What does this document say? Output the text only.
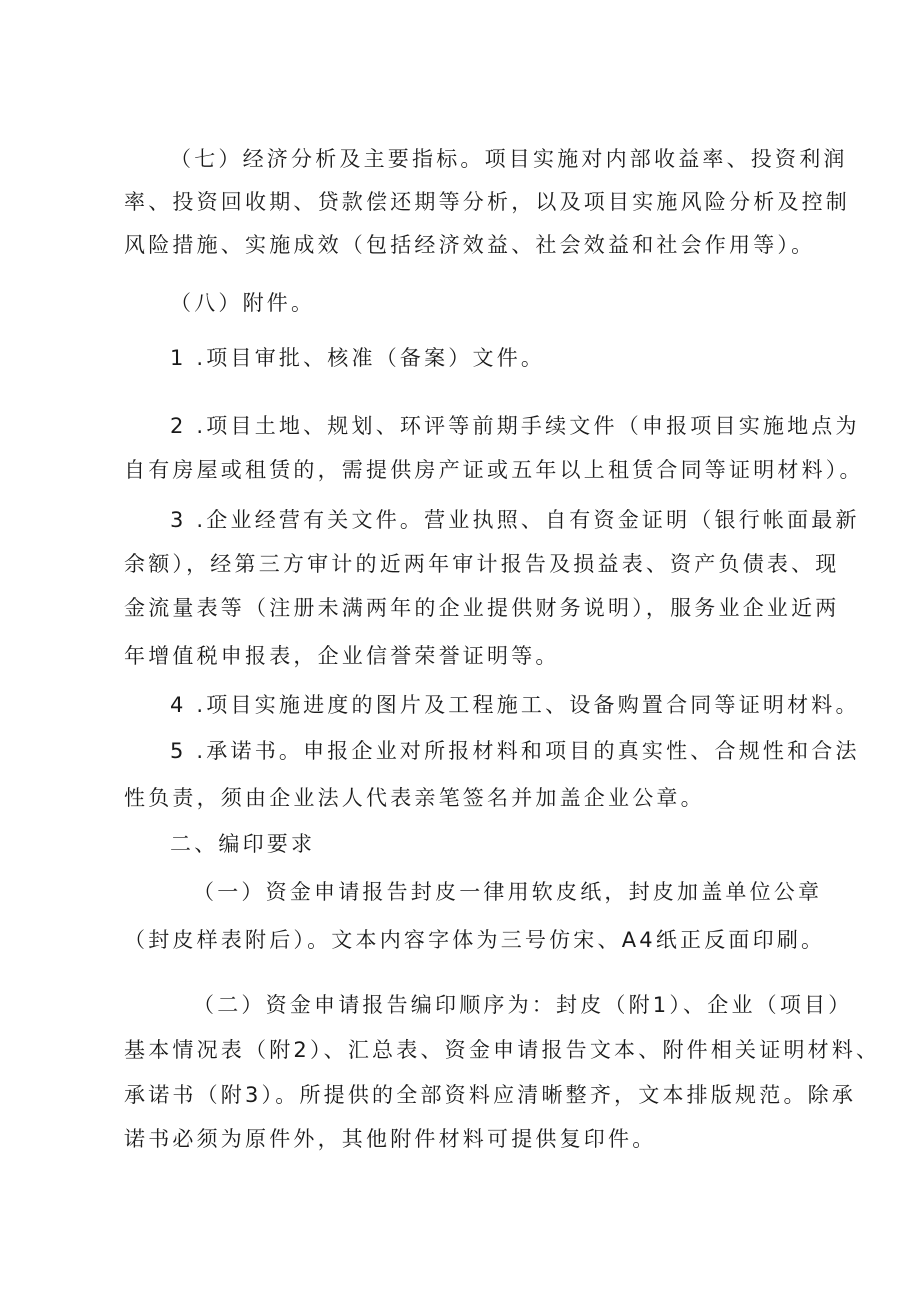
（七）经济分析及主要指标。项目实施对内部收益率、投资利润
率、投资回收期、贷款偿还期等分析，以及项目实施风险分析及控制
风险措施、实施成效（包括经济效益、社会效益和社会作用等）。
（八）附件。
1 .项目审批、核准（备案）文件。
2 .项目土地、规划、环评等前期手续文件（申报项目实施地点为
自有房屋或租赁的，需提供房产证或五年以上租赁合同等证明材料）。
3 .企业经营有关文件。营业执照、自有资金证明（银行帐面最新
余额），经第三方审计的近两年审计报告及损益表、资产负债表、现
金流量表等（注册未满两年的企业提供财务说明），服务业企业近两
年增值税申报表，企业信誉荣誉证明等。
4 .项目实施进度的图片及工程施工、设备购置合同等证明材料。
5 .承诺书。申报企业对所报材料和项目的真实性、合规性和合法
性负责，须由企业法人代表亲笔签名并加盖企业公章。
二、编印要求
（一）资金申请报告封皮一律用软皮纸，封皮加盖单位公章
（封皮样表附后）。文本内容字体为三号仿宋、A4纸正反面印刷。
（二）资金申请报告编印顺序为：封皮（附1）、企业（项目）
基本情况表（附2）、汇总表、资金申请报告文本、附件相关证明材料、
承诺书（附3）。所提供的全部资料应清晰整齐，文本排版规范。除承
诺书必须为原件外，其他附件材料可提供复印件。
